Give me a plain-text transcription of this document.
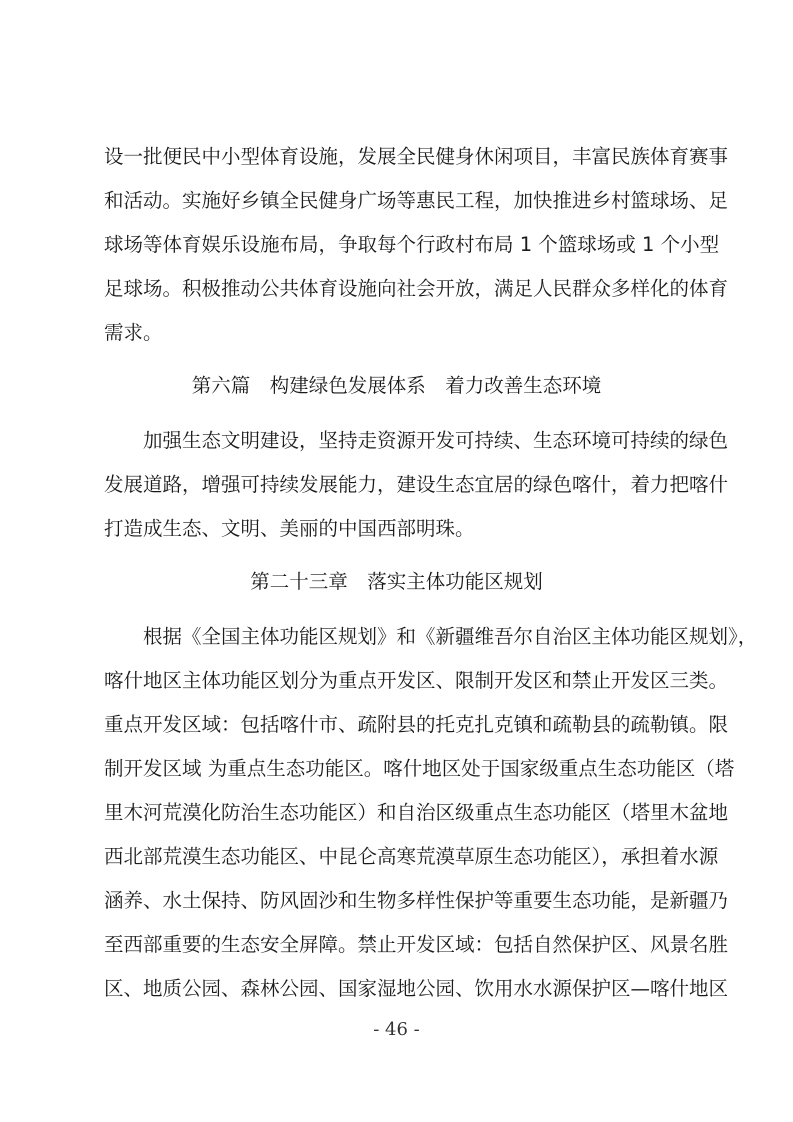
设一批便民中小型体育设施，发展全民健身休闲项目，丰富民族体育赛事
和活动。实施好乡镇全民健身广场等惠民工程，加快推进乡村篮球场、足
球场等体育娱乐设施布局，争取每个行政村布局 1 个篮球场或 1 个小型
足球场。积极推动公共体育设施向社会开放，满足人民群众多样化的体育
需求。
第六篇　构建绿色发展体系　着力改善生态环境
加强生态文明建设，坚持走资源开发可持续、生态环境可持续的绿色
发展道路，增强可持续发展能力，建设生态宜居的绿色喀什，着力把喀什
打造成生态、文明、美丽的中国西部明珠。
第二十三章　落实主体功能区规划
根据《全国主体功能区规划》和《新疆维吾尔自治区主体功能区规划》，
喀什地区主体功能区划分为重点开发区、限制开发区和禁止开发区三类。
重点开发区域：包括喀什市、疏附县的托克扎克镇和疏勒县的疏勒镇。限
制开发区域 为重点生态功能区。喀什地区处于国家级重点生态功能区（塔
里木河荒漠化防治生态功能区）和自治区级重点生态功能区（塔里木盆地
西北部荒漠生态功能区、中昆仑高寒荒漠草原生态功能区），承担着水源
涵养、水土保持、防风固沙和生物多样性保护等重要生态功能，是新疆乃
至西部重要的生态安全屏障。禁止开发区域：包括自然保护区、风景名胜
区、地质公园、森林公园、国家湿地公园、饮用水水源保护区—喀什地区
- 46 -
